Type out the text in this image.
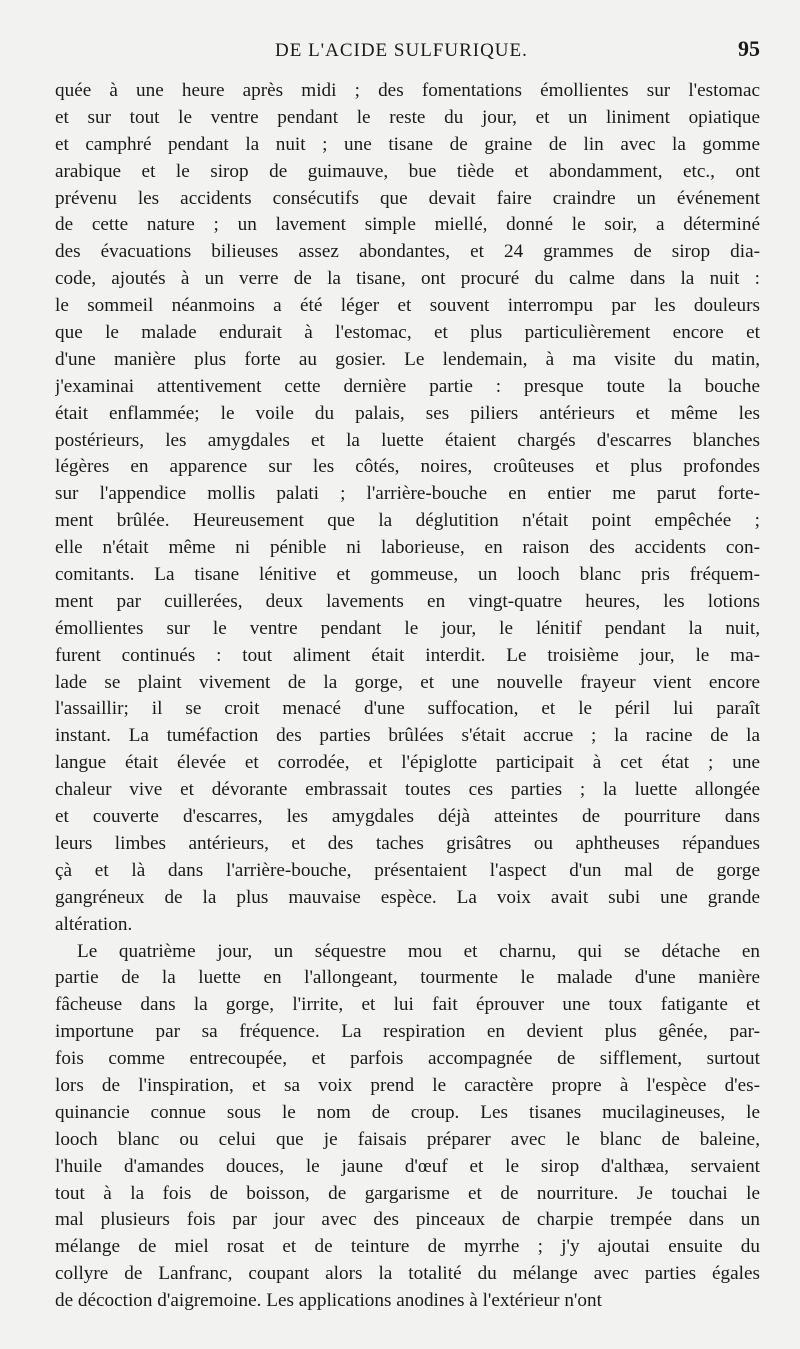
DE L'ACIDE SULFURIQUE.	95
quée à une heure après midi ; des fomentations émollientes sur l'estomac
et sur tout le ventre pendant le reste du jour, et un liniment opiatique
et camphré pendant la nuit ; une tisane de graine de lin avec la gomme
arabique et le sirop de guimauve, bue tiède et abondamment, etc., ont
prévenu les accidents consécutifs que devait faire craindre un événement
de cette nature ; un lavement simple miellé, donné le soir, a déterminé
des évacuations bilieuses assez abondantes, et 24 grammes de sirop dia-
code, ajoutés à un verre de la tisane, ont procuré du calme dans la nuit :
le sommeil néanmoins a été léger et souvent interrompu par les douleurs
que le malade endurait à l'estomac, et plus particulièrement encore et
d'une manière plus forte au gosier. Le lendemain, à ma visite du matin,
j'examinai attentivement cette dernière partie : presque toute la bouche
était enflammée; le voile du palais, ses piliers antérieurs et même les
postérieurs, les amygdales et la luette étaient chargés d'escarres blanches
légères en apparence sur les côtés, noires, croûteuses et plus profondes
sur l'appendice mollis palati ; l'arrière-bouche en entier me parut forte-
ment brûlée. Heureusement que la déglutition n'était point empêchée ;
elle n'était même ni pénible ni laborieuse, en raison des accidents con-
comitants. La tisane lénitive et gommeuse, un looch blanc pris fréquem-
ment par cuillerées, deux lavements en vingt-quatre heures, les lotions
émollientes sur le ventre pendant le jour, le lénitif pendant la nuit,
furent continués : tout aliment était interdit. Le troisième jour, le ma-
lade se plaint vivement de la gorge, et une nouvelle frayeur vient encore
l'assaillir; il se croit menacé d'une suffocation, et le péril lui paraît
instant. La tuméfaction des parties brûlées s'était accrue ; la racine de la
langue était élevée et corrodée, et l'épiglotte participait à cet état ; une
chaleur vive et dévorante embrassait toutes ces parties ; la luette allongée
et couverte d'escarres, les amygdales déjà atteintes de pourriture dans
leurs limbes antérieurs, et des taches grisâtres ou aphtheuses répandues
çà et là dans l'arrière-bouche, présentaient l'aspect d'un mal de gorge
gangréneux de la plus mauvaise espèce. La voix avait subi une grande
altération.
Le quatrième jour, un séquestre mou et charnu, qui se détache en
partie de la luette en l'allongeant, tourmente le malade d'une manière
fâcheuse dans la gorge, l'irrite, et lui fait éprouver une toux fatigante et
importune par sa fréquence. La respiration en devient plus gênée, par-
fois comme entrecoupée, et parfois accompagnée de sifflement, surtout
lors de l'inspiration, et sa voix prend le caractère propre à l'espèce d'es-
quinancie connue sous le nom de croup. Les tisanes mucilagineuses, le
looch blanc ou celui que je faisais préparer avec le blanc de baleine,
l'huile d'amandes douces, le jaune d'œuf et le sirop d'althæa, servaient
tout à la fois de boisson, de gargarisme et de nourriture. Je touchai le
mal plusieurs fois par jour avec des pinceaux de charpie trempée dans un
mélange de miel rosat et de teinture de myrrhe ; j'y ajoutai ensuite du
collyre de Lanfranc, coupant alors la totalité du mélange avec parties égales
de décoction d'aigremoine. Les applications anodines à l'extérieur n'ont
